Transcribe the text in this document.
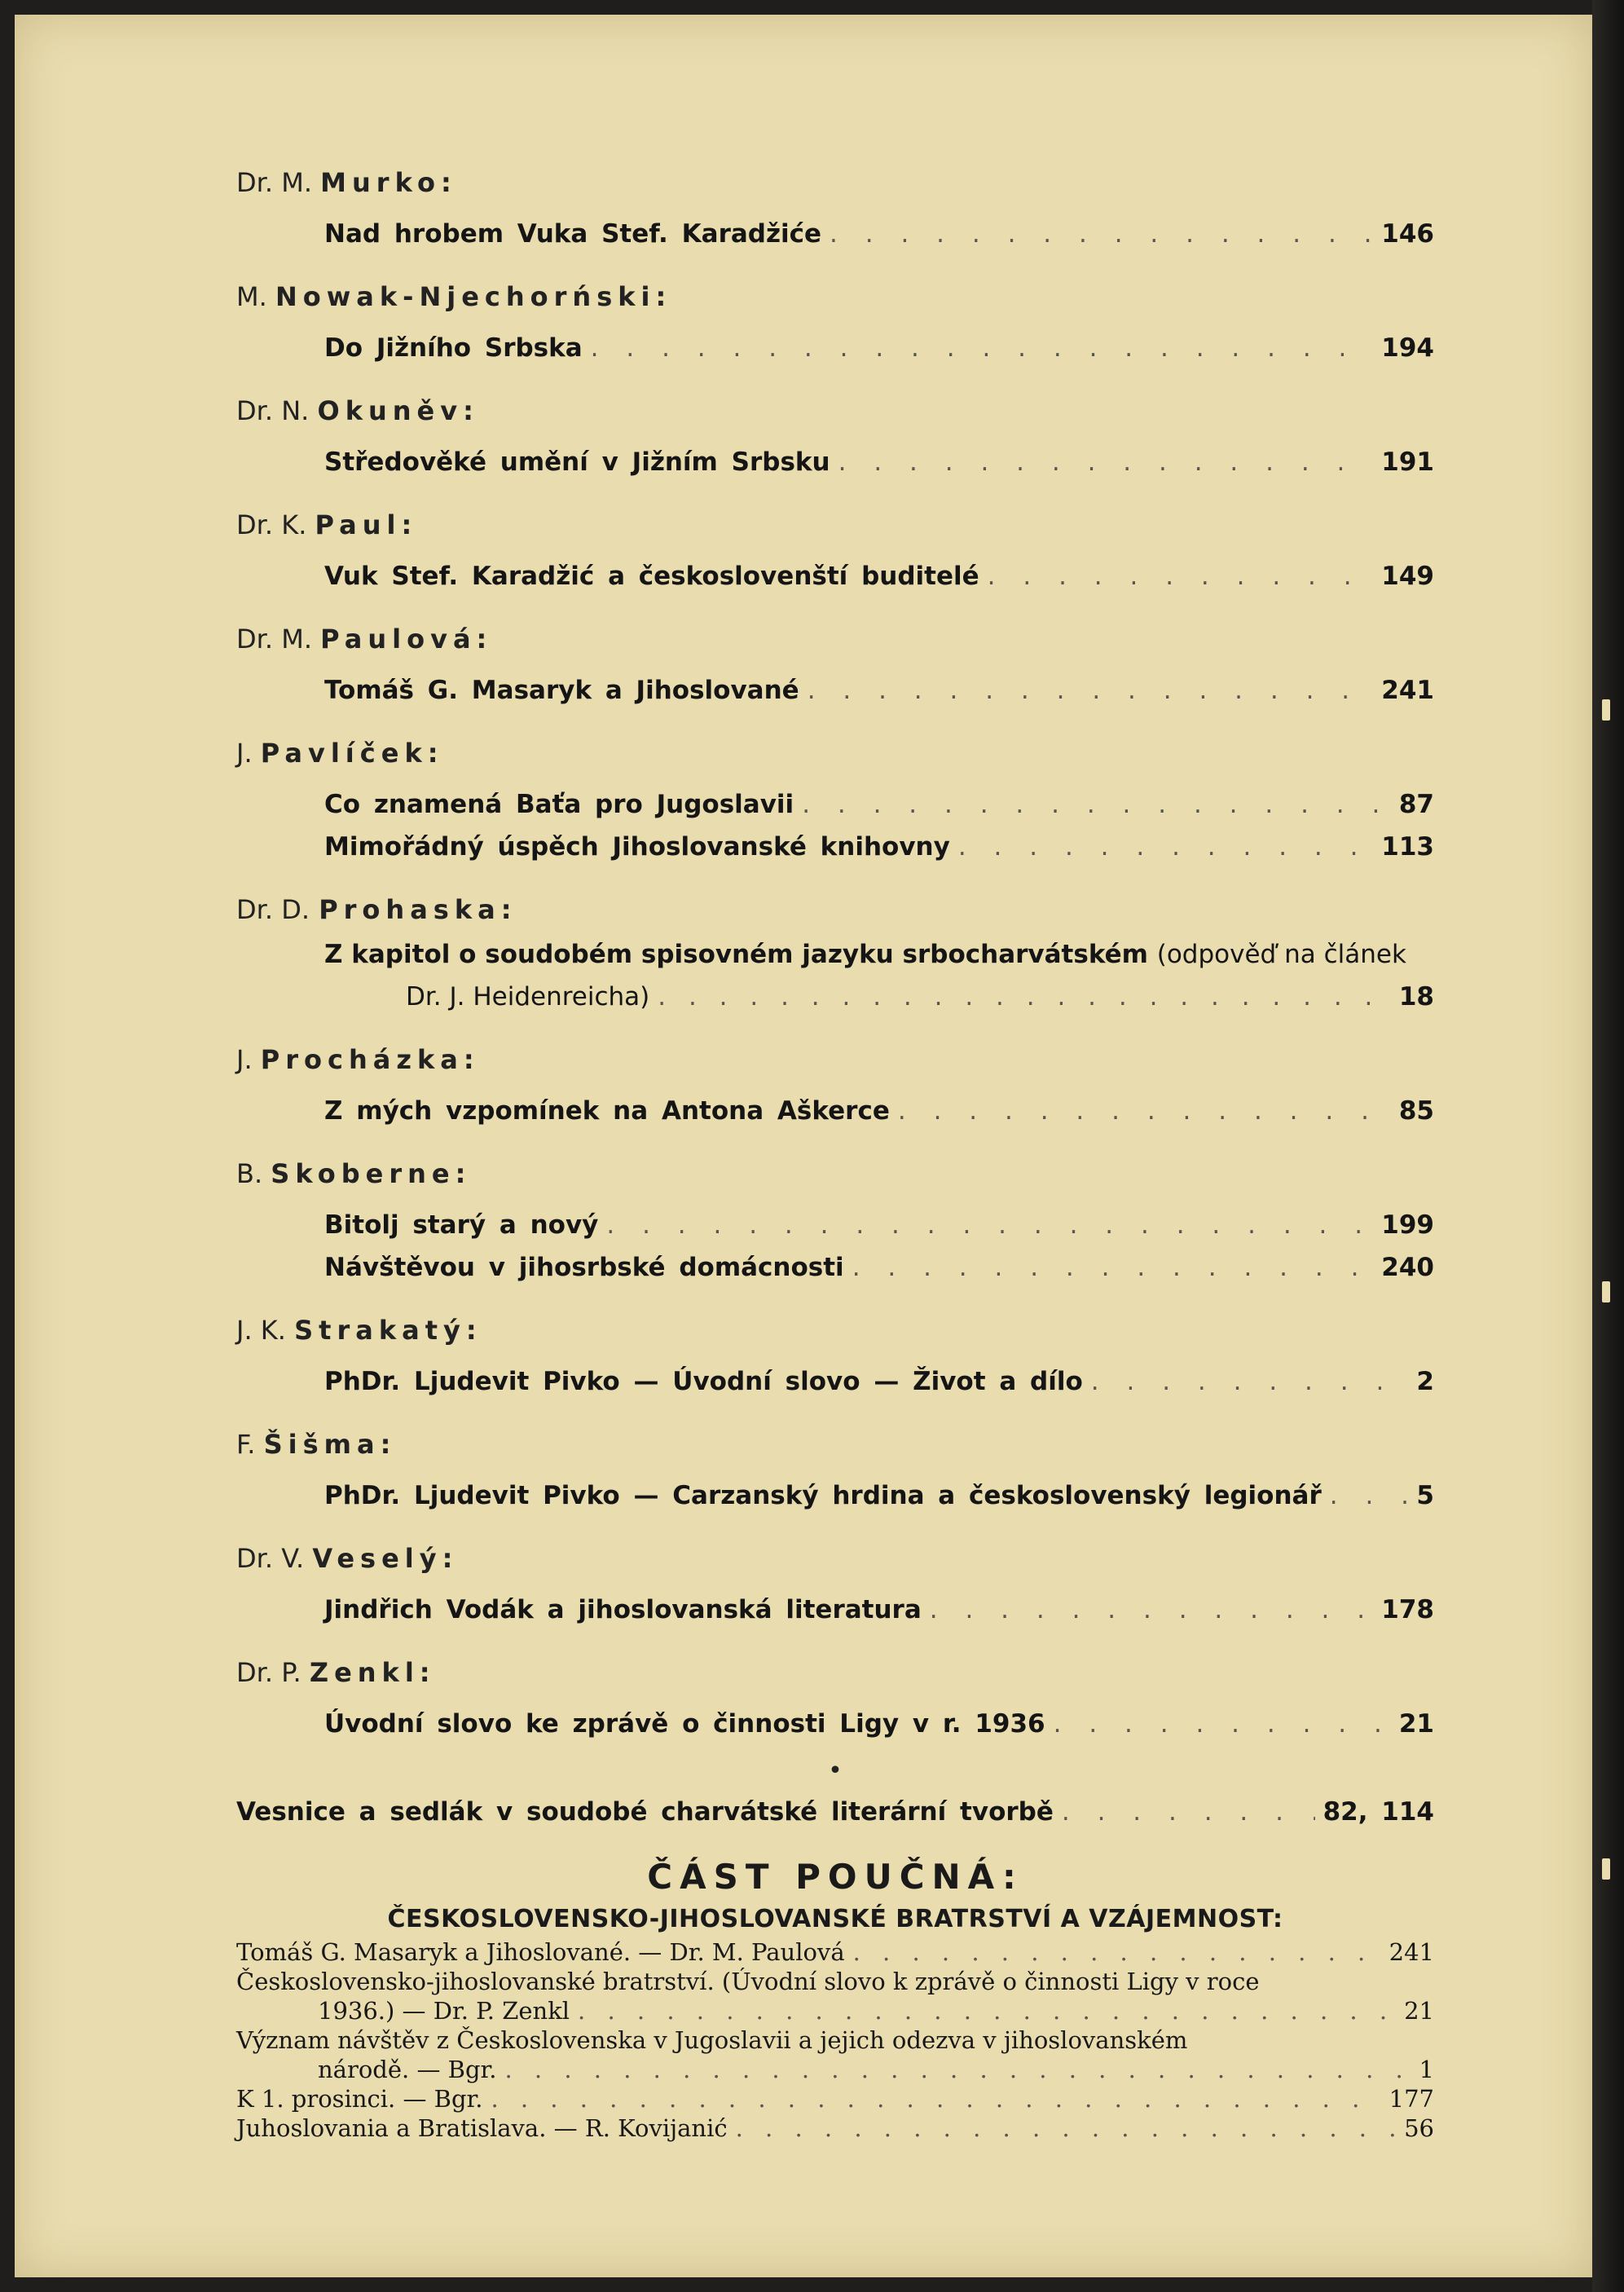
Dr. M. Murko:
Nad hrobem Vuka Stef. Karadžiće . . .	146
M. Nowak-Njechorński:
Do Jižního Srbska . . .	194
Dr. N. Okuněv:
Středověké umění v Jižním Srbsku . . .	191
Dr. K. Paul:
Vuk Stef. Karadžić a českoslovenští buditelé . . .	149
Dr. M. Paulová:
Tomáš G. Masaryk a Jihoslované . . .	241
J. Pavlíček:
Co znamená Baťa pro Jugoslavii . . .	87
Mimořádný úspěch Jihoslovanské knihovny . . .	113
Dr. D. Prohaska:
Z kapitol o soudobém spisovném jazyku srbocharvátském (odpověď na článek
Dr. J. Heidenreicha) . . .	18
J. Procházka:
Z mých vzpomínek na Antona Aškerce . . .	85
B. Skoberne:
Bitolj starý a nový . . .	199
Návštěvou v jihosrbské domácnosti . . .	240
J. K. Strakatý:
PhDr. Ljudevit Pivko — Úvodní slovo — Život a dílo . . .	2
F. Šišma:
PhDr. Ljudevit Pivko — Carzanský hrdina a československý legionář . . .	5
Dr. V. Veselý:
Jindřich Vodák a jihoslovanská literatura . . .	178
Dr. P. Zenkl:
Úvodní slovo ke zprávě o činnosti Ligy v r. 1936 . . .	21
•
Vesnice a sedlák v soudobé charvátské literární tvorbě . . .	82, 114
ČÁST POUČNÁ:
ČESKOSLOVENSKO-JIHOSLOVANSKÉ BRATRSTVÍ A VZÁJEMNOST:
Tomáš G. Masaryk a Jihoslované. — Dr. M. Paulová . . .	241
Československo-jihoslovanské bratrství. (Úvodní slovo k zprávě o činnosti Ligy v roce
1936.) — Dr. P. Zenkl . . .	21
Význam návštěv z Československa v Jugoslavii a jejich odezva v jihoslovanském
národě. — Bgr. . . .	1
K 1. prosinci. — Bgr. . . .	177
Juhoslovania a Bratislava. — R. Kovijanić . . .	56
